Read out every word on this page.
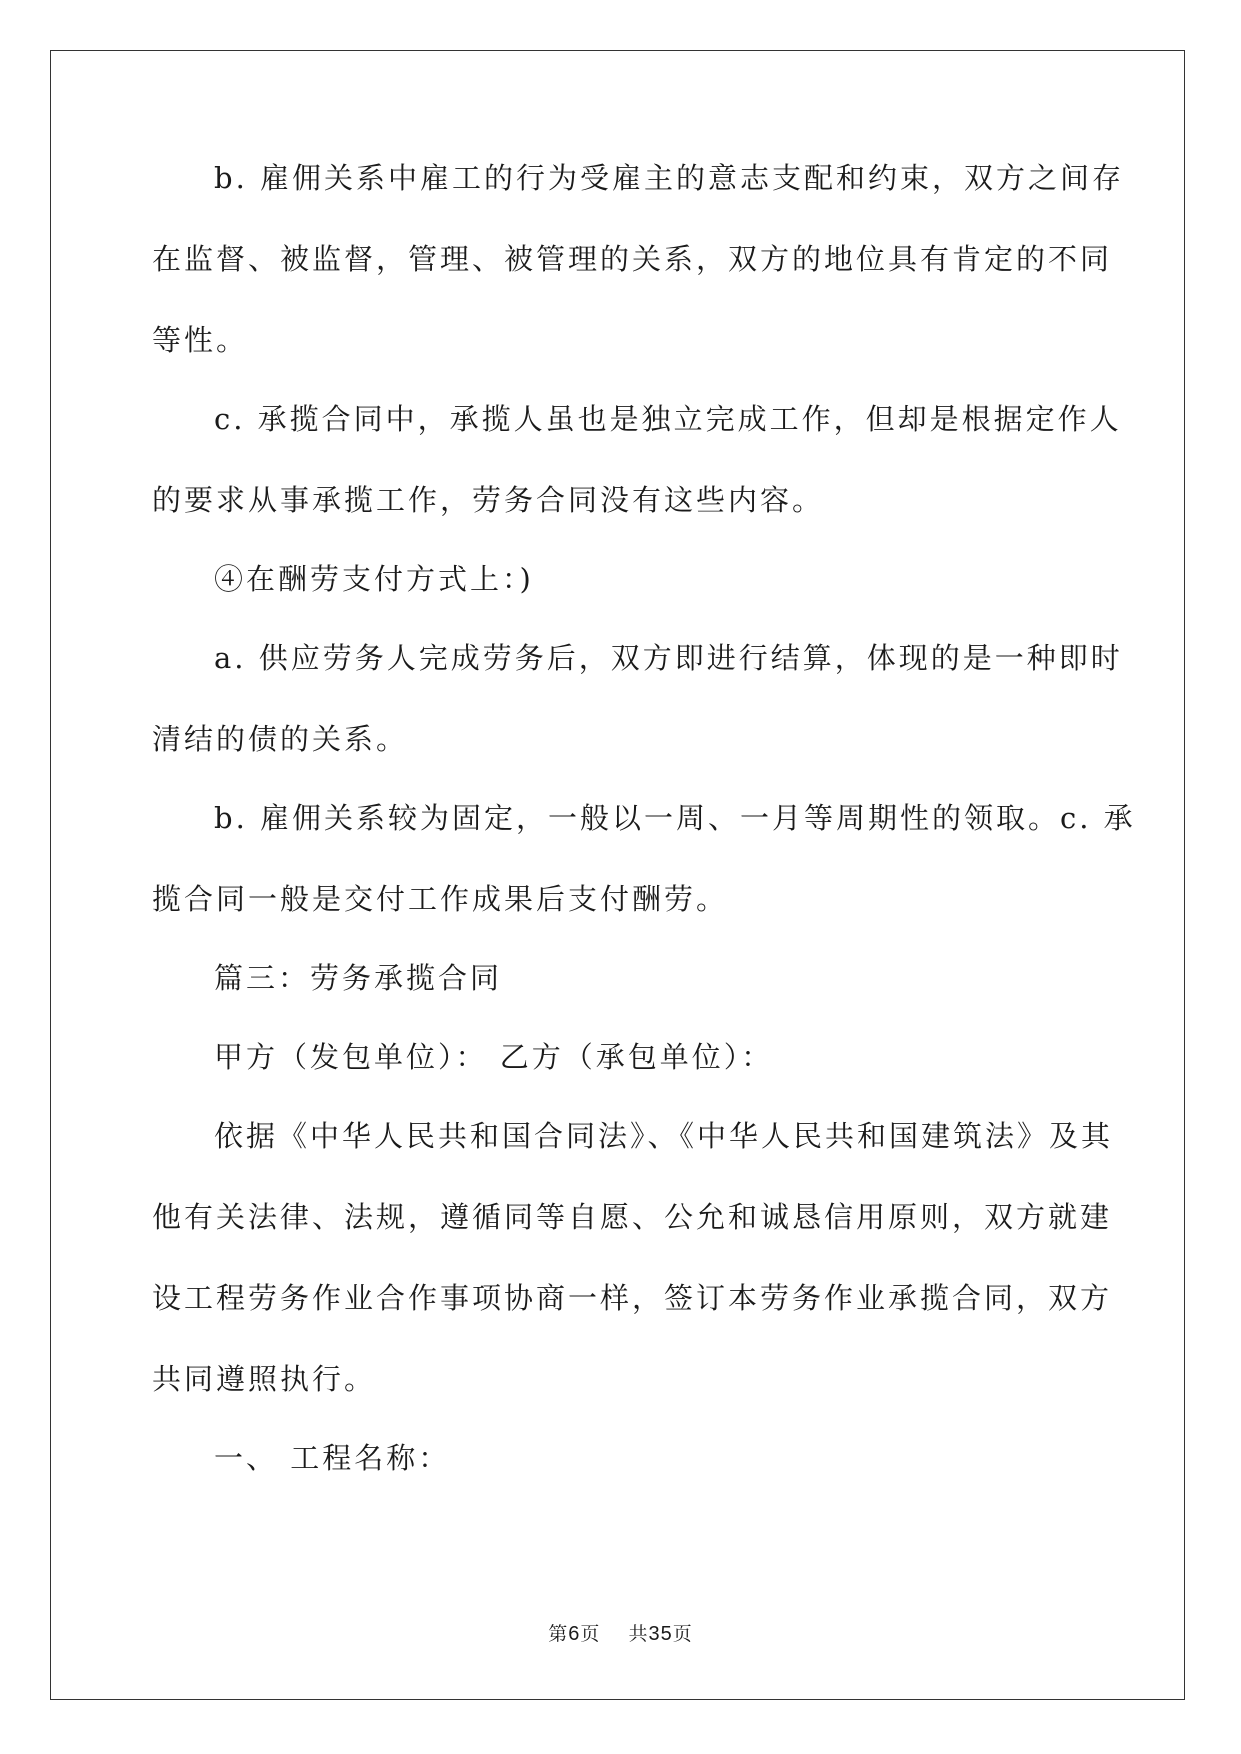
b. 雇佣关系中雇工的行为受雇主的意志支配和约束，双方之间存
在监督、被监督，管理、被管理的关系，双方的地位具有肯定的不同
等性。
c. 承揽合同中，承揽人虽也是独立完成工作，但却是根据定作人
的要求从事承揽工作，劳务合同没有这些内容。
④在酬劳支付方式上：)
a. 供应劳务人完成劳务后，双方即进行结算，体现的是一种即时
清结的债的关系。
b. 雇佣关系较为固定，一般以一周、一月等周期性的领取。c. 承
揽合同一般是交付工作成果后支付酬劳。
篇三：劳务承揽合同
甲方（发包单位）： 乙方（承包单位）：
依据《中华人民共和国合同法》、《中华人民共和国建筑法》及其
他有关法律、法规，遵循同等自愿、公允和诚恳信用原则，双方就建
设工程劳务作业合作事项协商一样，签订本劳务作业承揽合同，双方
共同遵照执行。
一、 工程名称：
第6页 共35页
